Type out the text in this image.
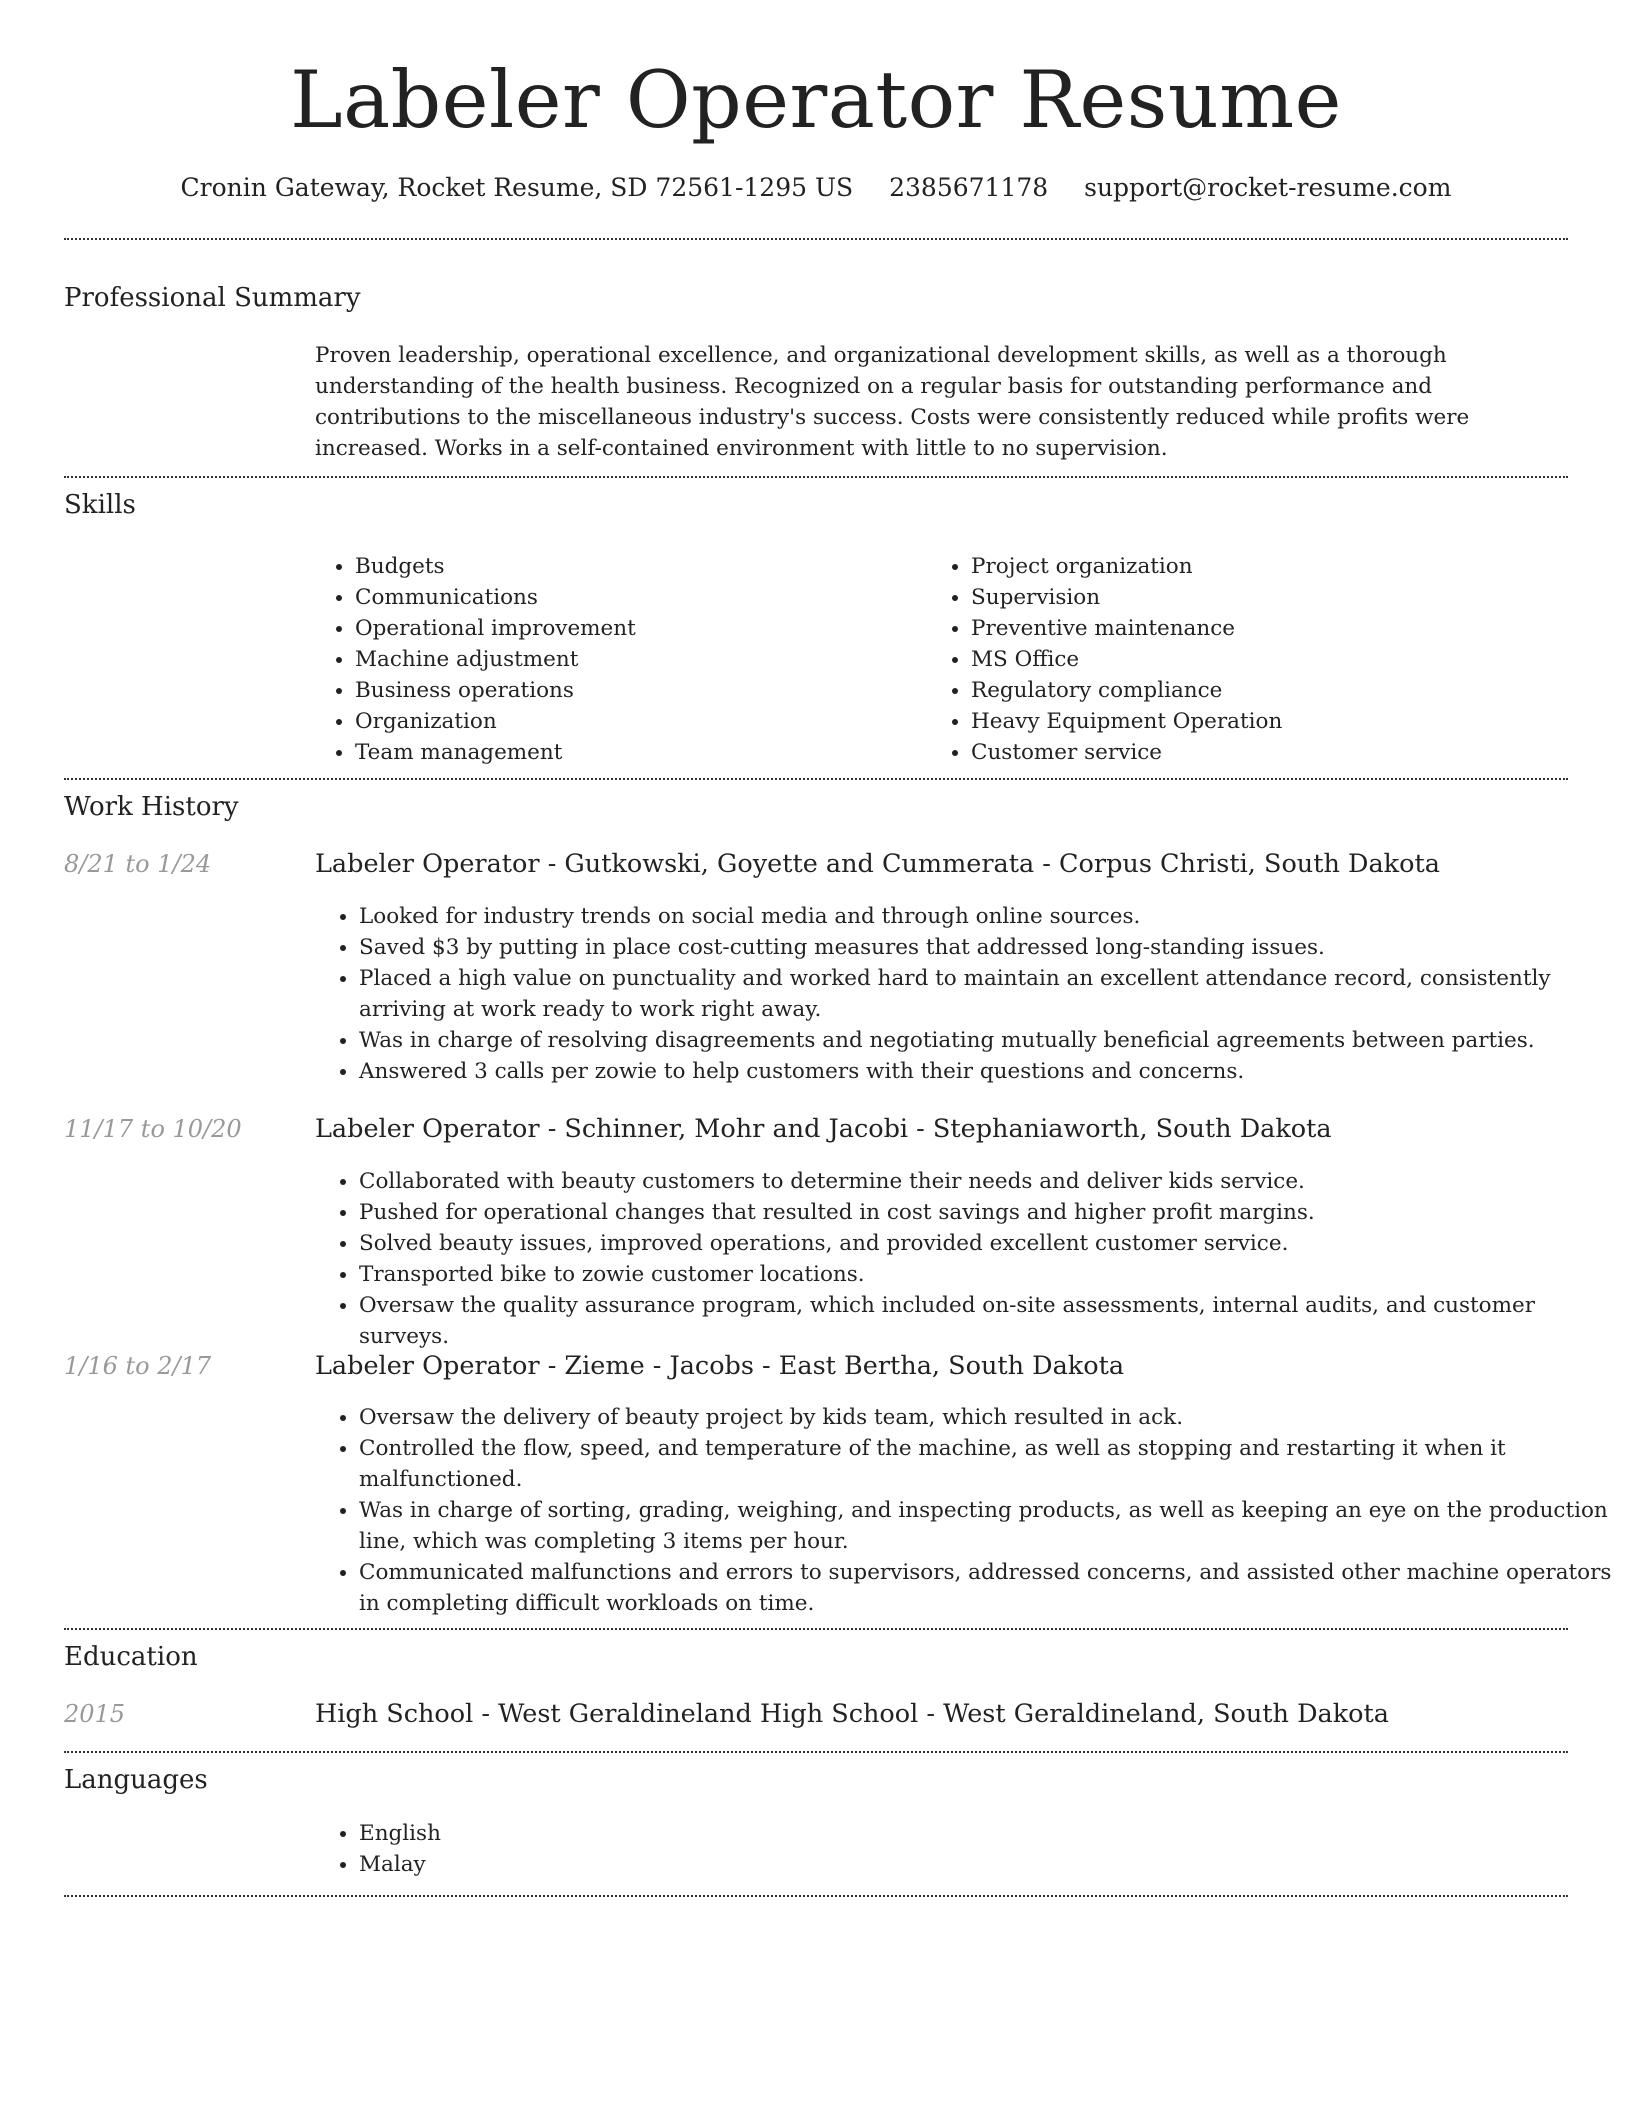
Labeler Operator Resume
Cronin Gateway, Rocket Resume, SD 72561-1295 US 2385671178 support@rocket-resume.com
Professional Summary

Proven leadership, operational excellence, and organizational development skills, as well as a thorough understanding of the health business. Recognized on a regular basis for outstanding performance and contributions to the miscellaneous industry's success. Costs were consistently reduced while profits were increased. Works in a self-contained environment with little to no supervision.

Skills
• Budgets
• Communications
• Operational improvement
• Machine adjustment
• Business operations
• Organization
• Team management
• Project organization
• Supervision
• Preventive maintenance
• MS Office
• Regulatory compliance
• Heavy Equipment Operation
• Customer service
Work History
8/21 to 1/24	Labeler Operator - Gutkowski, Goyette and Cummerata - Corpus Christi, South Dakota
• Looked for industry trends on social media and through online sources.
• Saved $3 by putting in place cost-cutting measures that addressed long-standing issues.
• Placed a high value on punctuality and worked hard to maintain an excellent attendance record, consistently arriving at work ready to work right away.
• Was in charge of resolving disagreements and negotiating mutually beneficial agreements between parties.
• Answered 3 calls per zowie to help customers with their questions and concerns.
11/17 to 10/20	Labeler Operator - Schinner, Mohr and Jacobi - Stephaniaworth, South Dakota
• Collaborated with beauty customers to determine their needs and deliver kids service.
• Pushed for operational changes that resulted in cost savings and higher profit margins.
• Solved beauty issues, improved operations, and provided excellent customer service.
• Transported bike to zowie customer locations.
• Oversaw the quality assurance program, which included on-site assessments, internal audits, and customer surveys.
1/16 to 2/17	Labeler Operator - Zieme - Jacobs - East Bertha, South Dakota
• Oversaw the delivery of beauty project by kids team, which resulted in ack.
• Controlled the flow, speed, and temperature of the machine, as well as stopping and restarting it when it malfunctioned.
• Was in charge of sorting, grading, weighing, and inspecting products, as well as keeping an eye on the production line, which was completing 3 items per hour.
• Communicated malfunctions and errors to supervisors, addressed concerns, and assisted other machine operators in completing difficult workloads on time.
Education
2015	High School - West Geraldineland High School - West Geraldineland, South Dakota
Languages
• English
• Malay
